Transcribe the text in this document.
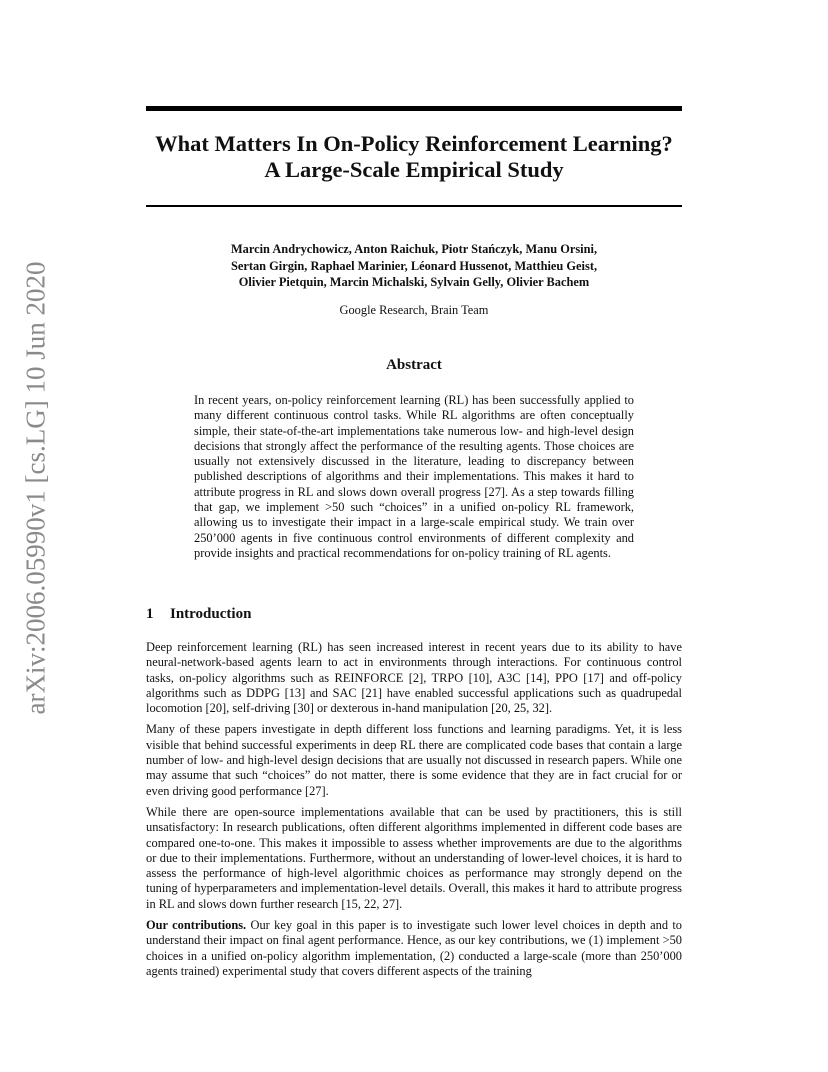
arXiv:2006.05990v1 [cs.LG] 10 Jun 2020
What Matters In On-Policy Reinforcement Learning?
A Large-Scale Empirical Study
Marcin Andrychowicz, Anton Raichuk, Piotr Stańczyk, Manu Orsini,
Sertan Girgin, Raphael Marinier, Léonard Hussenot, Matthieu Geist,
Olivier Pietquin, Marcin Michalski, Sylvain Gelly, Olivier Bachem
Google Research, Brain Team
Abstract
In recent years, on-policy reinforcement learning (RL) has been successfully applied to many different continuous control tasks. While RL algorithms are often conceptually simple, their state-of-the-art implementations take numerous low- and high-level design decisions that strongly affect the performance of the resulting agents. Those choices are usually not extensively discussed in the literature, leading to discrepancy between published descriptions of algorithms and their implementations. This makes it hard to attribute progress in RL and slows down overall progress [27]. As a step towards filling that gap, we implement >50 such “choices” in a unified on-policy RL framework, allowing us to investigate their impact in a large-scale empirical study. We train over 250’000 agents in five continuous control environments of different complexity and provide insights and practical recommendations for on-policy training of RL agents.
1 Introduction

Deep reinforcement learning (RL) has seen increased interest in recent years due to its ability to have neural-network-based agents learn to act in environments through interactions. For continuous control tasks, on-policy algorithms such as REINFORCE [2], TRPO [10], A3C [14], PPO [17] and off-policy algorithms such as DDPG [13] and SAC [21] have enabled successful applications such as quadrupedal locomotion [20], self-driving [30] or dexterous in-hand manipulation [20, 25, 32].

Many of these papers investigate in depth different loss functions and learning paradigms. Yet, it is less visible that behind successful experiments in deep RL there are complicated code bases that contain a large number of low- and high-level design decisions that are usually not discussed in research papers. While one may assume that such “choices” do not matter, there is some evidence that they are in fact crucial for or even driving good performance [27].

While there are open-source implementations available that can be used by practitioners, this is still unsatisfactory: In research publications, often different algorithms implemented in different code bases are compared one-to-one. This makes it impossible to assess whether improvements are due to the algorithms or due to their implementations. Furthermore, without an understanding of lower-level choices, it is hard to assess the performance of high-level algorithmic choices as performance may strongly depend on the tuning of hyperparameters and implementation-level details. Overall, this makes it hard to attribute progress in RL and slows down further research [15, 22, 27].

Our contributions. Our key goal in this paper is to investigate such lower level choices in depth and to understand their impact on final agent performance. Hence, as our key contributions, we (1) implement >50 choices in a unified on-policy algorithm implementation, (2) conducted a large-scale (more than 250’000 agents trained) experimental study that covers different aspects of the training
